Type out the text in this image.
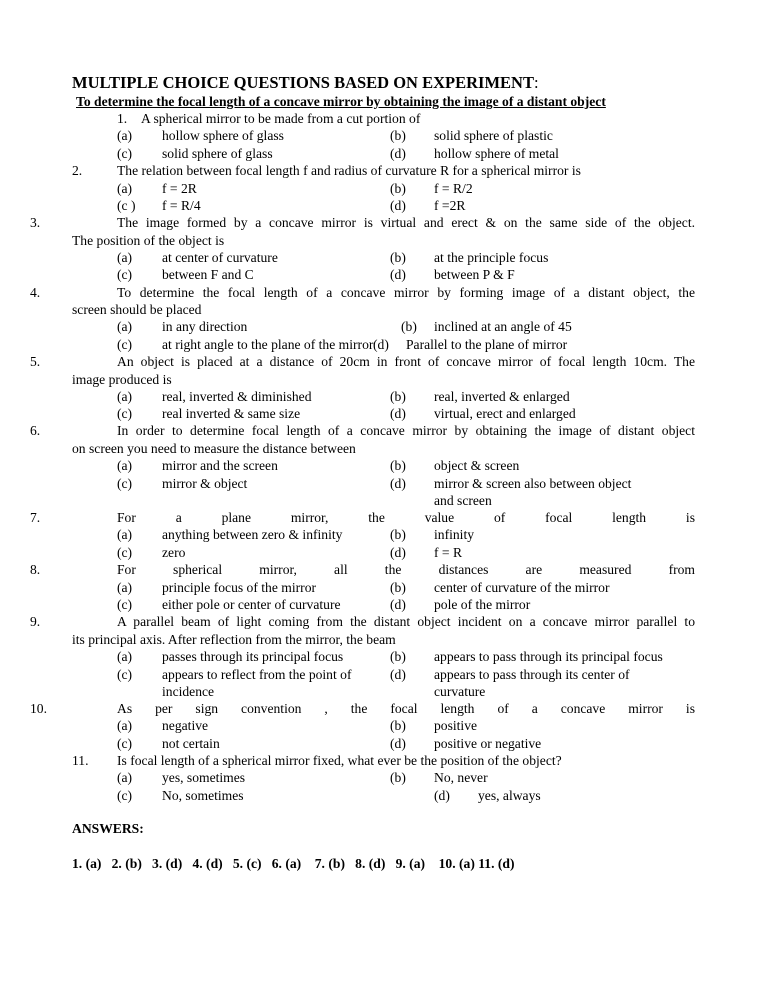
MULTIPLE CHOICE QUESTIONS BASED ON EXPERIMENT:
To determine the focal length of a concave mirror by obtaining the image of a distant object
1. A spherical mirror to be made from a cut portion of
(a) hollow sphere of glass	(b) solid sphere of plastic
(c) solid sphere of glass	(d) hollow sphere of metal
2.	The relation between focal length f and radius of curvature R for a spherical mirror is
(a) f = 2R	(b) f = R/2
(c ) f = R/4	(d) f =2R
3.	The image formed by a concave mirror is virtual and erect & on the same side of the object.
The position of the object is
(a) at center of curvature	(b) at the principle focus
(c) between F and C	(d) between P & F
4.	To determine the focal length of a concave mirror by forming image of a distant object, the
screen should be placed
(a) in any direction	(b) inclined at an angle of 45
(c) at right angle to the plane of the mirror (d) Parallel to the plane of mirror
5.	An object is placed at a distance of 20cm in front of concave mirror of focal length 10cm. The
image produced is
(a) real, inverted & diminished	(b) real, inverted & enlarged
(c) real inverted & same size	(d) virtual, erect and enlarged
6.	In order to determine focal length of a concave mirror by obtaining the image of distant object
on screen you need to measure the distance between
(a) mirror and the screen	(b) object & screen
(c) mirror & object	(d) mirror & screen also between object
and screen
7.	For a plane mirror, the value of focal length is
(a) anything between zero & infinity	(b) infinity
(c) zero	(d) f = R
8.	For spherical mirror, all the distances are measured from
(a) principle focus of the mirror	(b) center of curvature of the mirror
(c) either pole or center of curvature	(d) pole of the mirror
9.	A parallel beam of light coming from the distant object incident on a concave mirror parallel to
its principal axis. After reflection from the mirror, the beam
(a) passes through its principal focus	(b) appears to pass through its principal focus
(c) appears to reflect from the point of
incidence
(d) appears to pass through its center of
curvature
10.	As per sign convention , the focal length of a concave mirror is
(a) negative	(b) positive
(c) not certain	(d) positive or negative
11. Is focal length of a spherical mirror fixed, what ever be the position of the object?
(a) yes, sometimes	(b) No, never
(c) No, sometimes	(d) yes, always
ANSWERS:
1. (a)   2. (b)   3. (d)   4. (d)   5. (c)   6. (a)    7. (b)   8. (d)   9. (a)    10. (a) 11. (d)
